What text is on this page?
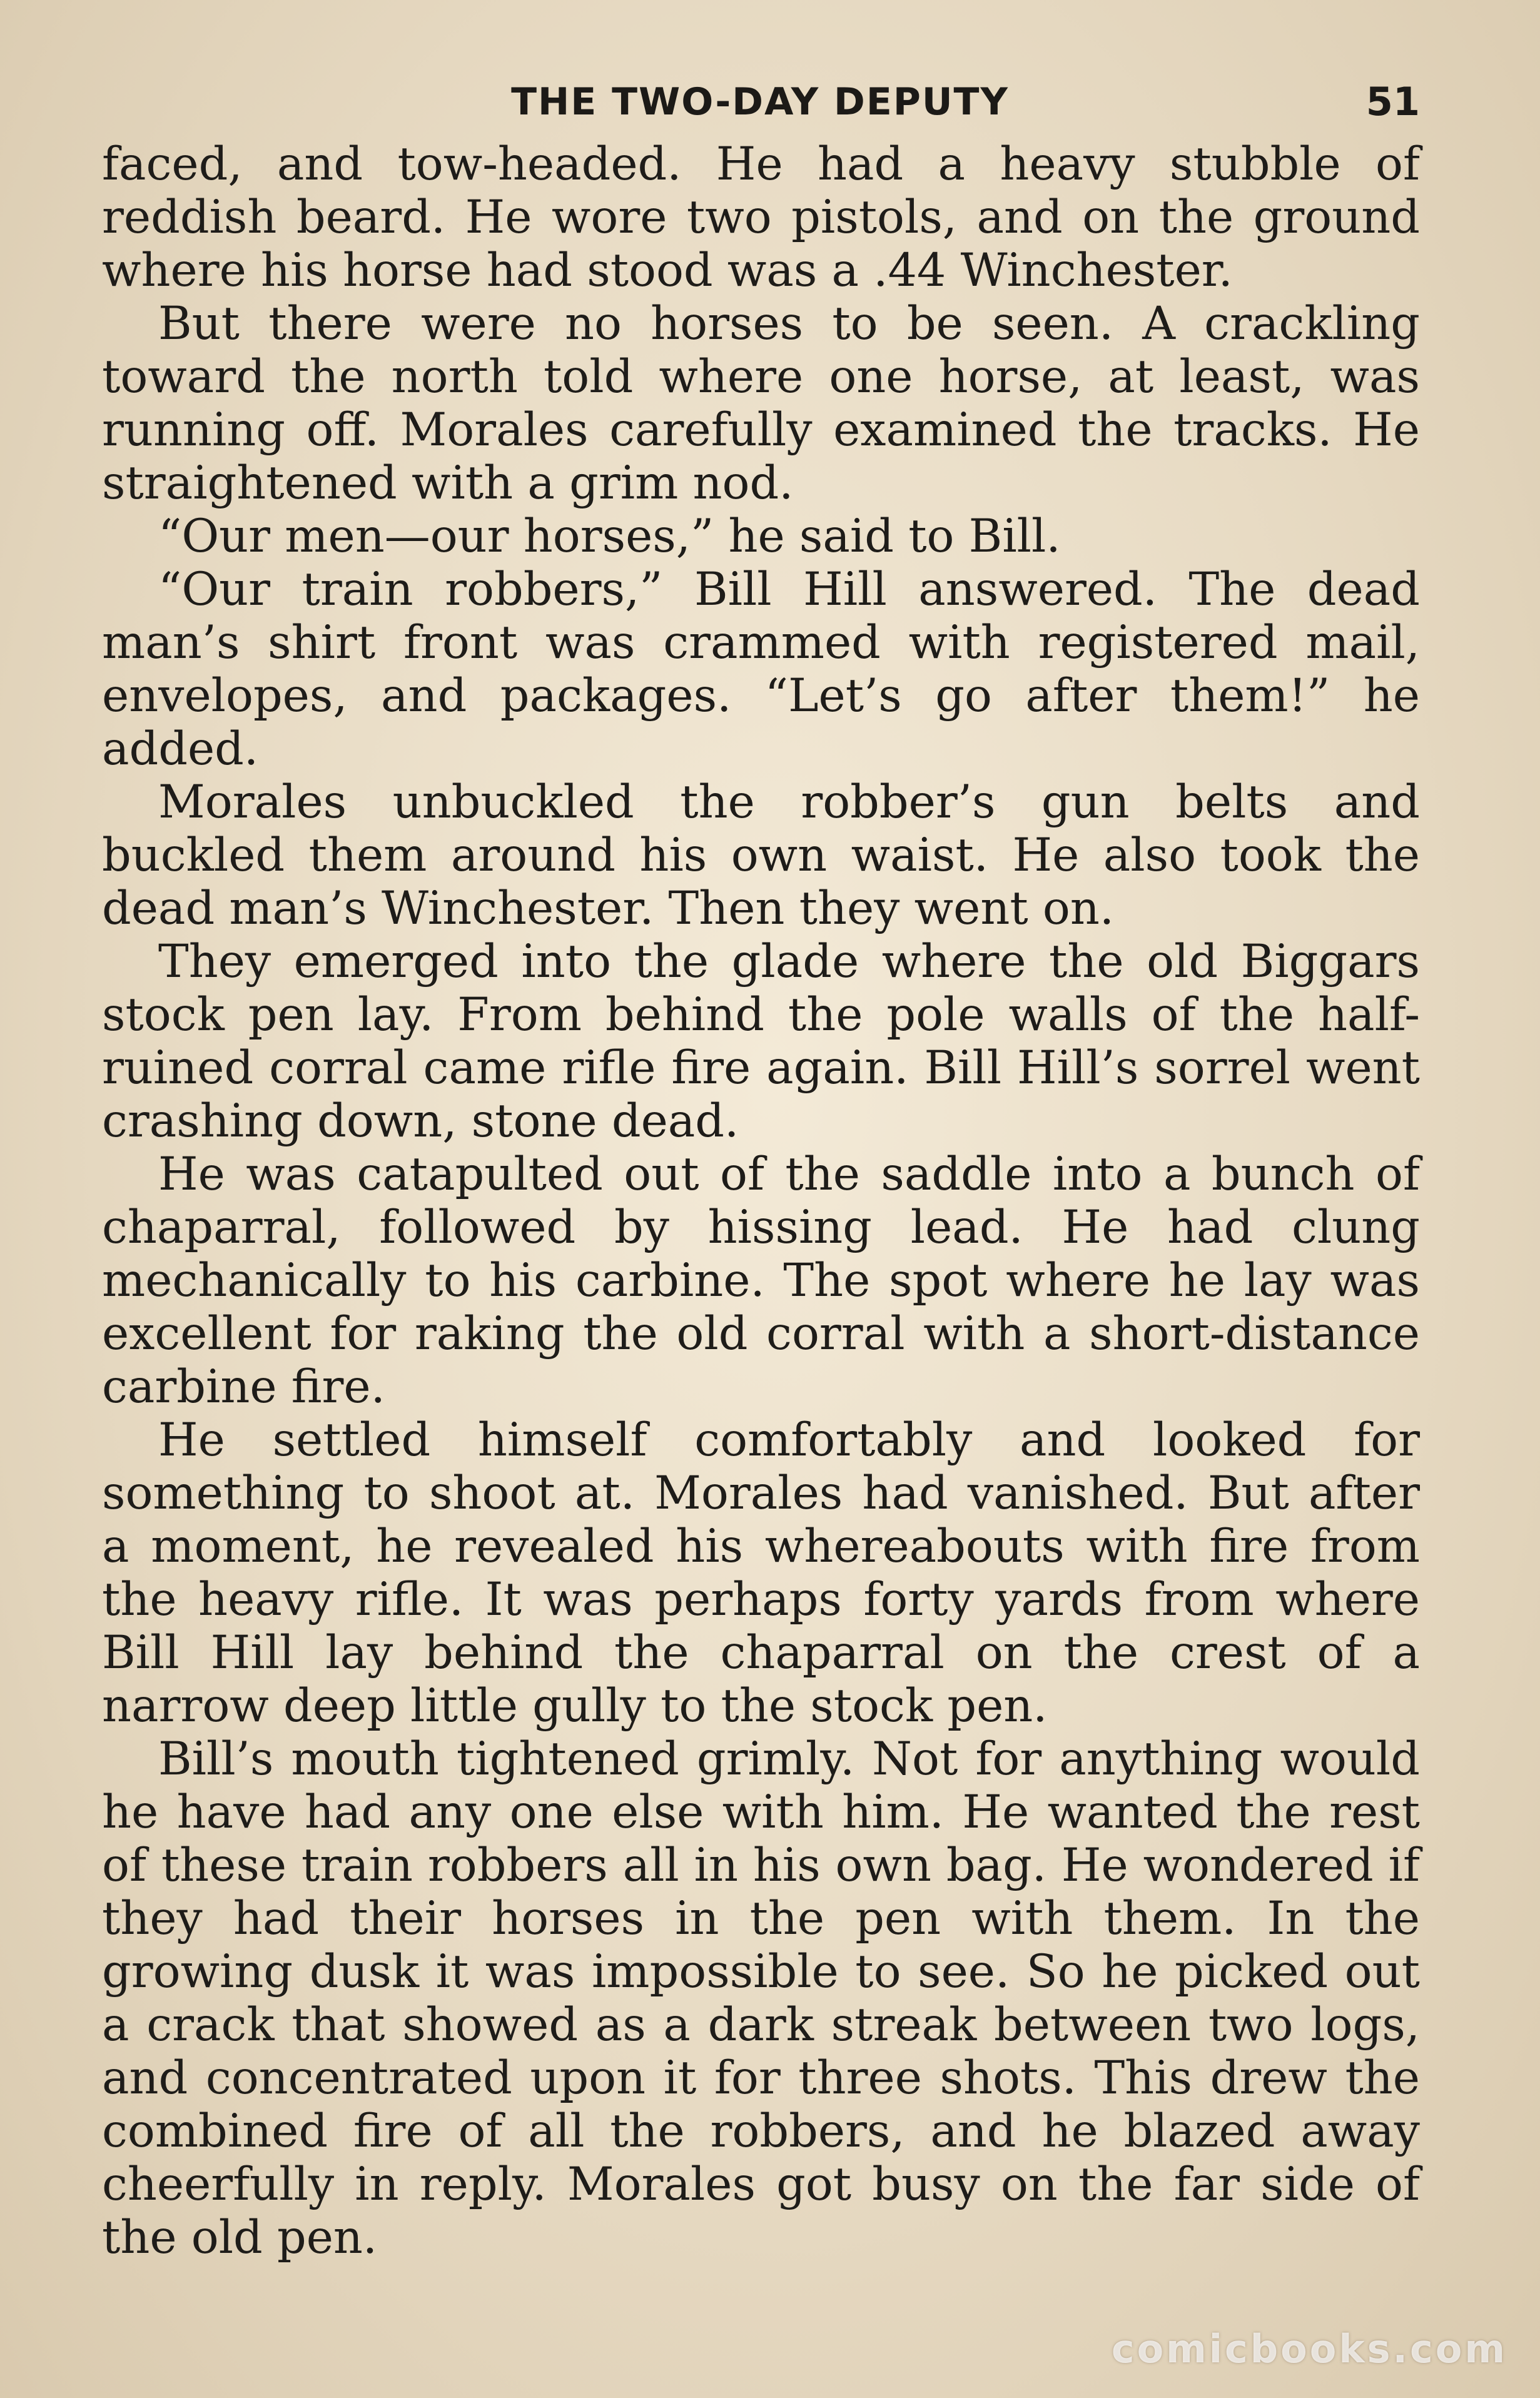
THE TWO-DAY DEPUTY	51

faced, and tow-headed. He had a heavy stubble of reddish beard. He wore two pistols, and on the ground where his horse had stood was a .44 Winchester.

But there were no horses to be seen. A crackling toward the north told where one horse, at least, was running off. Morales carefully examined the tracks. He straightened with a grim nod.

“Our men—our horses,” he said to Bill.

“Our train robbers,” Bill Hill answered. The dead man’s shirt front was crammed with registered mail, envelopes, and packages. “Let’s go after them!” he added.

Morales unbuckled the robber’s gun belts and buckled them around his own waist. He also took the dead man’s Winchester. Then they went on.

They emerged into the glade where the old Biggars stock pen lay. From behind the pole walls of the half-ruined corral came rifle fire again. Bill Hill’s sorrel went crashing down, stone dead.

He was catapulted out of the saddle into a bunch of chaparral, followed by hissing lead. He had clung mechanically to his carbine. The spot where he lay was excellent for raking the old corral with a short-distance carbine fire.

He settled himself comfortably and looked for something to shoot at. Morales had vanished. But after a moment, he revealed his whereabouts with fire from the heavy rifle. It was perhaps forty yards from where Bill Hill lay behind the chaparral on the crest of a narrow deep little gully to the stock pen.

Bill’s mouth tightened grimly. Not for anything would he have had any one else with him. He wanted the rest of these train robbers all in his own bag. He wondered if they had their horses in the pen with them. In the growing dusk it was impossible to see. So he picked out a crack that showed as a dark streak between two logs, and concentrated upon it for three shots. This drew the combined fire of all the robbers, and he blazed away cheerfully in reply. Morales got busy on the far side of the old pen.

comicbooks.com
